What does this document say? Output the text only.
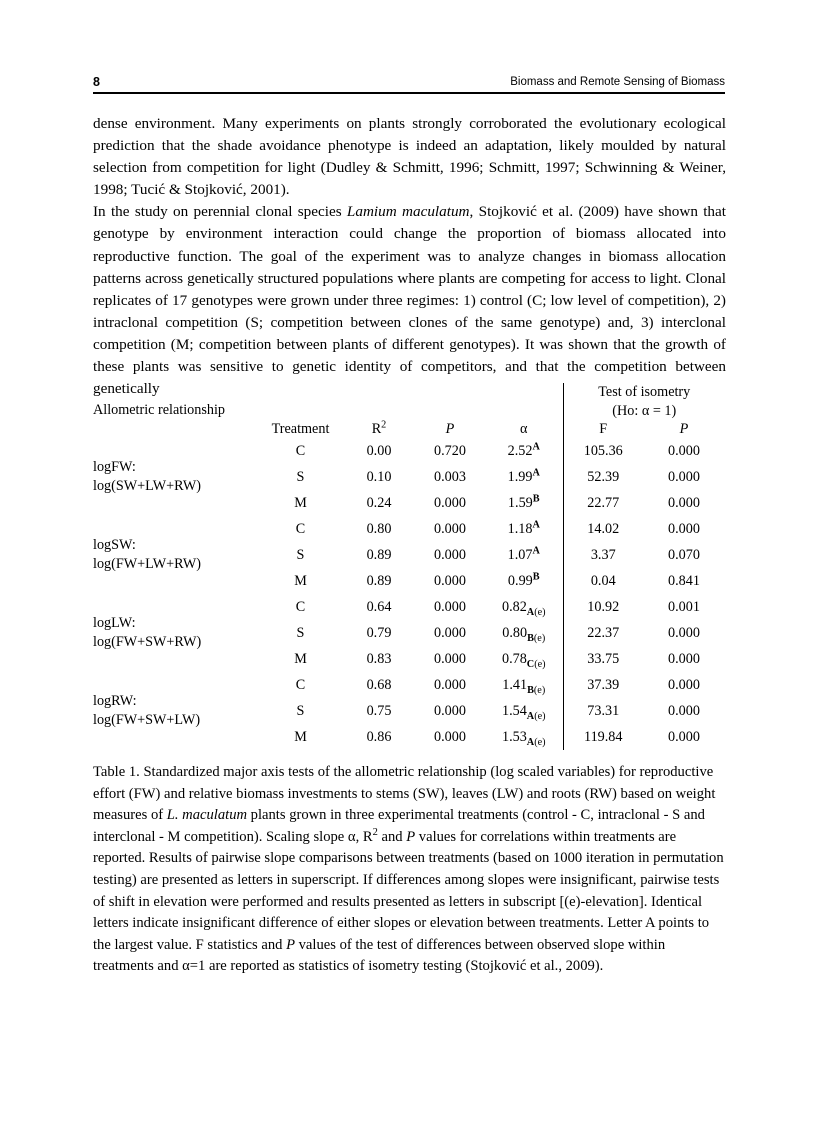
8	Biomass and Remote Sensing of Biomass

dense environment. Many experiments on plants strongly corroborated the evolutionary ecological prediction that the shade avoidance phenotype is indeed an adaptation, likely moulded by natural selection from competition for light (Dudley & Schmitt, 1996; Schmitt, 1997; Schwinning & Weiner, 1998; Tucić & Stojković, 2001).

In the study on perennial clonal species Lamium maculatum, Stojković et al. (2009) have shown that genotype by environment interaction could change the proportion of biomass allocated into reproductive function. The goal of the experiment was to analyze changes in biomass allocation patterns across genetically structured populations where plants are competing for access to light. Clonal replicates of 17 genotypes were grown under three regimes: 1) control (C; low level of competition), 2) intraclonal competition (S; competition between clones of the same genotype) and, 3) interclonal competition (M; competition between plants of different genotypes). It was shown that the growth of these plants was sensitive to genetic identity of competitors, and that the competition between genetically

Allometric relationship					Test of isometry
(Ho: α = 1)	

	Treatment	$R^2$	P	α	F	P

logFW:
log(SW+LW+RW)	C	0.00	0.720	$2.52^A$	105.36	0.000
	S	0.10	0.003	$1.99^A$	52.39	0.000
	M	0.24	0.000	$1.59^B$	22.77	0.000

logSW:
log(FW+LW+RW)	C	0.80	0.000	$1.18^A$	14.02	0.000
	S	0.89	0.000	$1.07^A$	3.37	0.070
	M	0.89	0.000	$0.99^B$	0.04	0.841

logLW:
log(FW+SW+RW)	C	0.64	0.000	$0.82_{A(e)}$	10.92	0.001
	S	0.79	0.000	$0.80_{B(e)}$	22.37	0.000
	M	0.83	0.000	$0.78_{C(e)}$	33.75	0.000

logRW:
log(FW+SW+LW)	C	0.68	0.000	$1.41_{B(e)}$	37.39	0.000
	S	0.75	0.000	$1.54_{A(e)}$	73.31	0.000
	M	0.86	0.000	$1.53_{A(e)}$	119.84	0.000

Table 1. Standardized major axis tests of the allometric relationship (log scaled variables) for reproductive effort (FW) and relative biomass investments to stems (SW), leaves (LW) and roots (RW) based on weight measures of L. maculatum plants grown in three experimental treatments (control - C, intraclonal - S and interclonal - M competition). Scaling slope α, $R^2$ and P values for correlations within treatments are reported. Results of pairwise slope comparisons between treatments (based on 1000 iteration in permutation testing) are presented as letters in superscript. If differences among slopes were insignificant, pairwise tests of shift in elevation were performed and results presented as letters in subscript [(e)-elevation]. Identical letters indicate insignificant difference of either slopes or elevation between treatments. Letter A points to the largest value. F statistics and P values of the test of differences between observed slope within treatments and α=1 are reported as statistics of isometry testing (Stojković et al., 2009).
